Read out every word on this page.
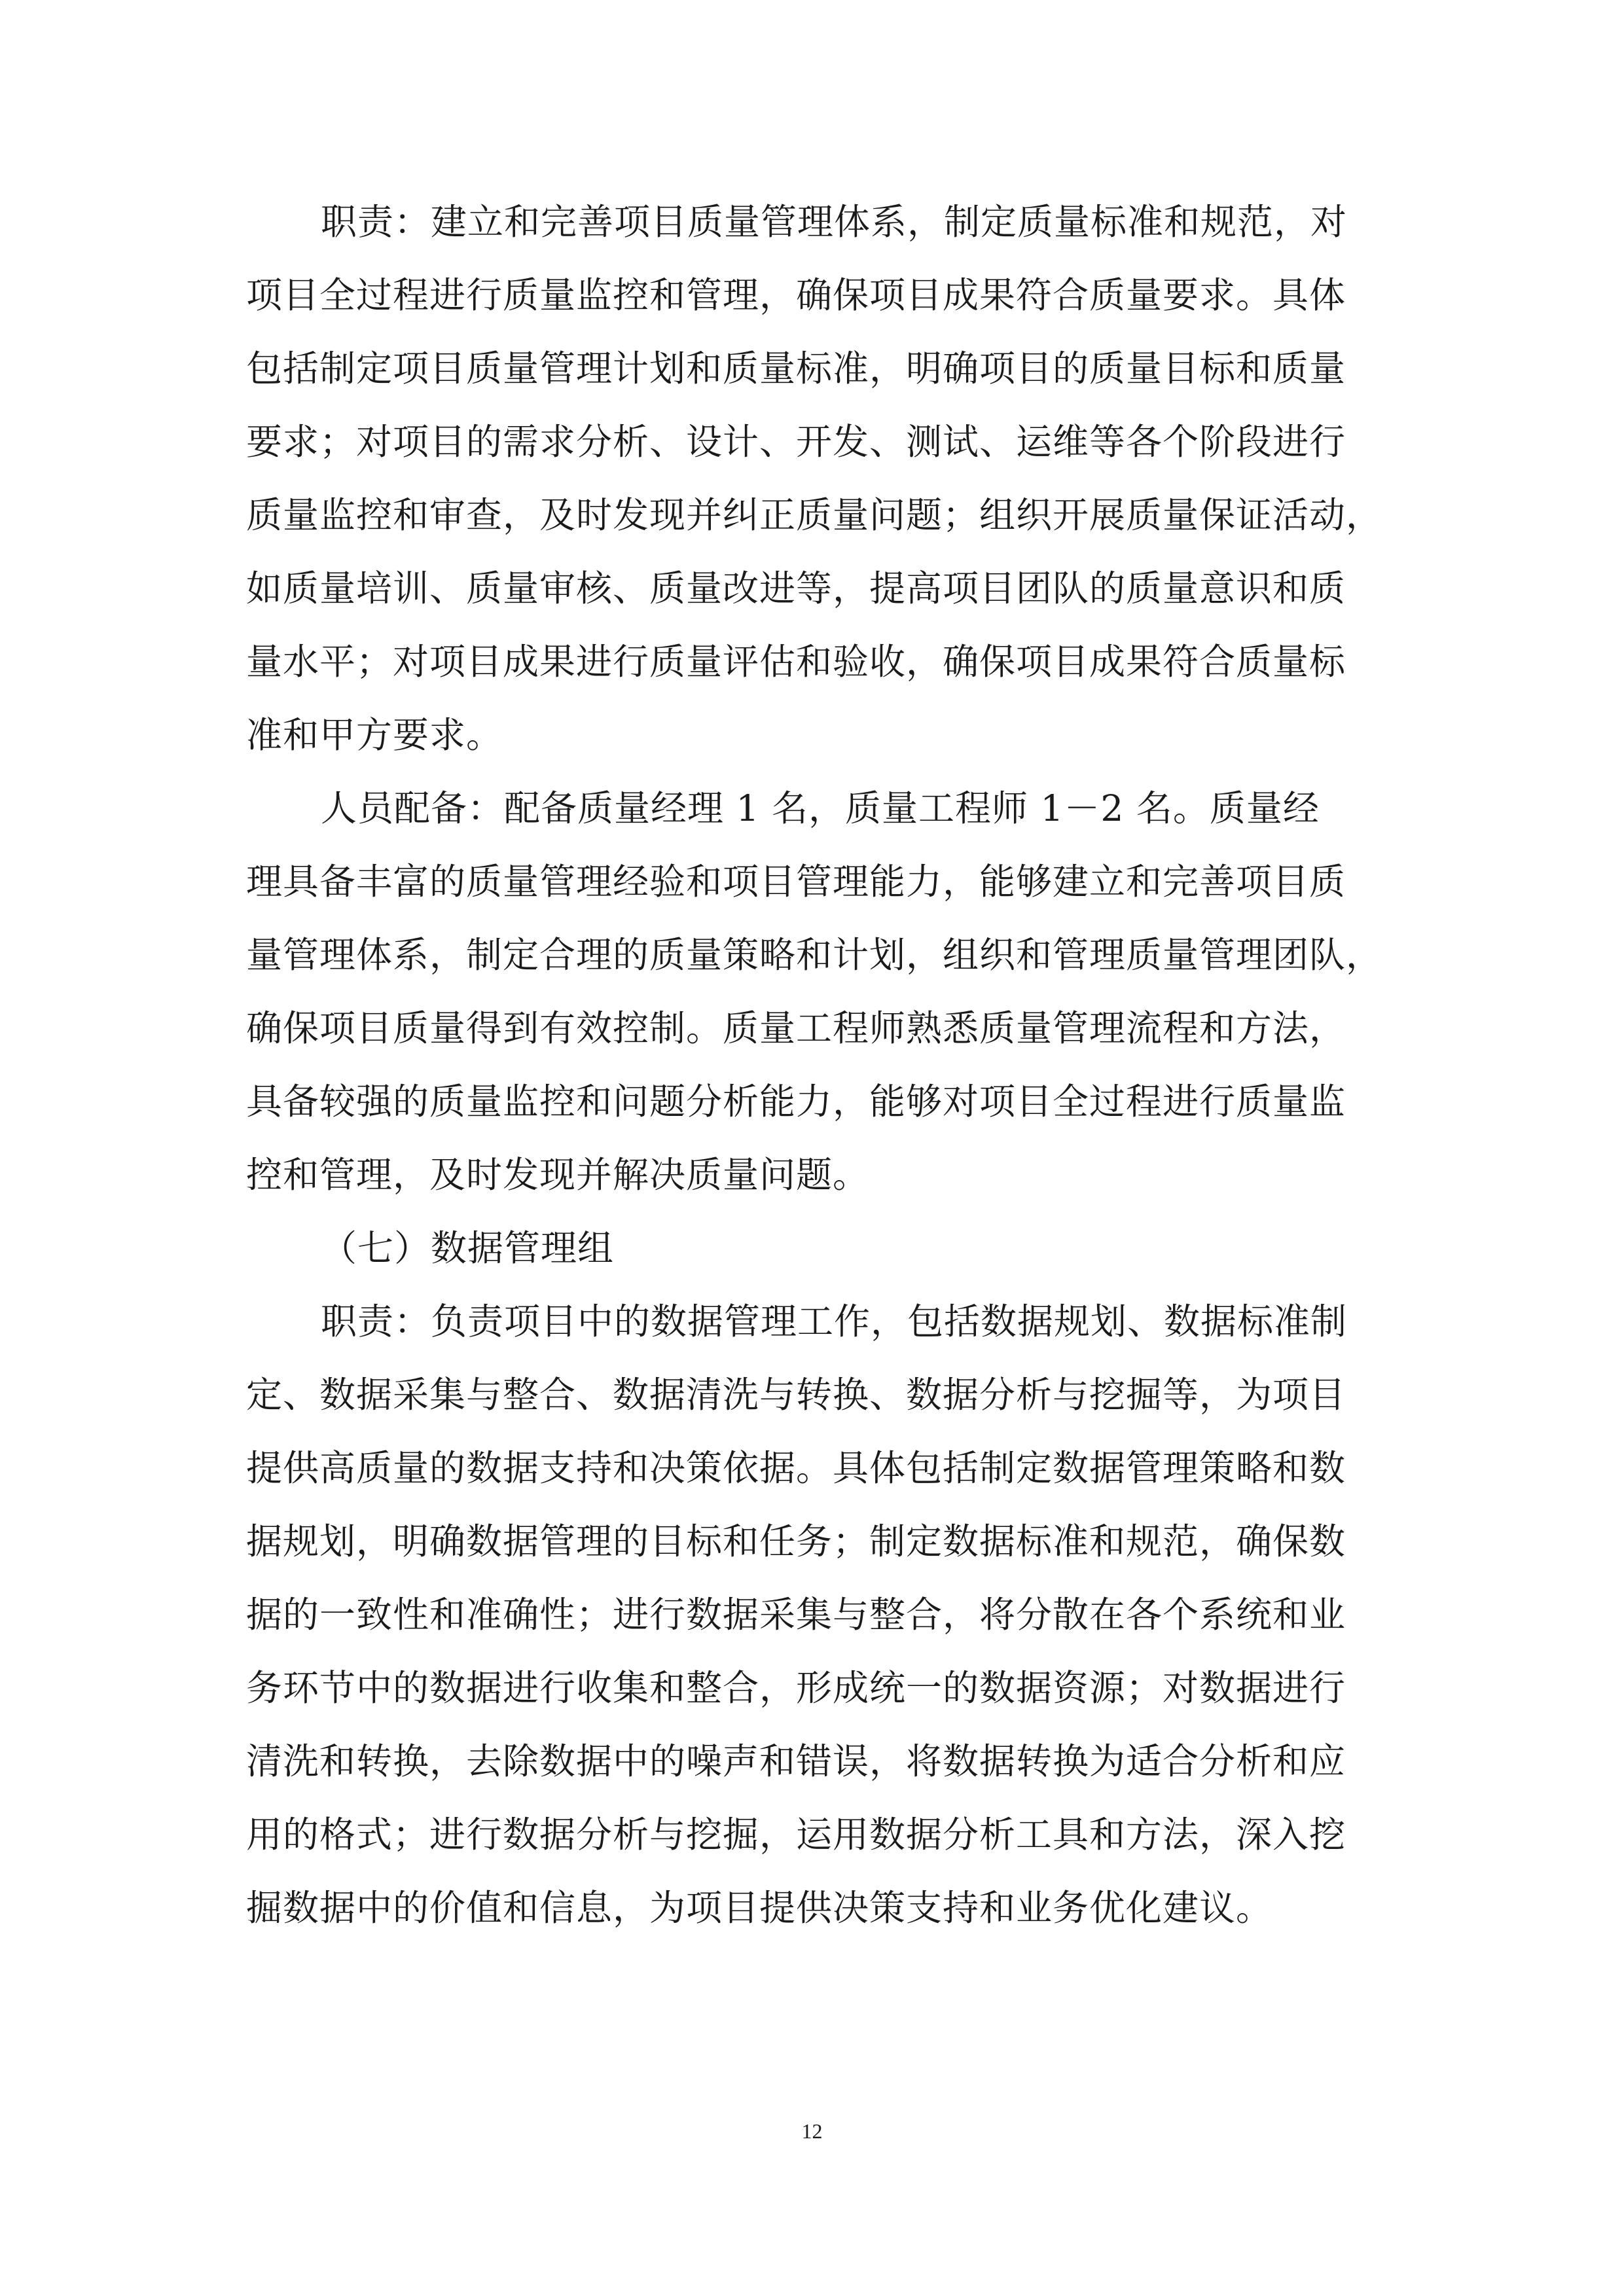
职责：建立和完善项目质量管理体系，制定质量标准和规范，对
项目全过程进行质量监控和管理，确保项目成果符合质量要求。具体
包括制定项目质量管理计划和质量标准，明确项目的质量目标和质量
要求；对项目的需求分析、设计、开发、测试、运维等各个阶段进行
质量监控和审查，及时发现并纠正质量问题；组织开展质量保证活动，
如质量培训、质量审核、质量改进等，提高项目团队的质量意识和质
量水平；对项目成果进行质量评估和验收，确保项目成果符合质量标
准和甲方要求。
人员配备：配备质量经理 1 名，质量工程师 1－2 名。质量经
理具备丰富的质量管理经验和项目管理能力，能够建立和完善项目质
量管理体系，制定合理的质量策略和计划，组织和管理质量管理团队，
确保项目质量得到有效控制。质量工程师熟悉质量管理流程和方法，
具备较强的质量监控和问题分析能力，能够对项目全过程进行质量监
控和管理，及时发现并解决质量问题。
（七）数据管理组
职责：负责项目中的数据管理工作，包括数据规划、数据标准制
定、数据采集与整合、数据清洗与转换、数据分析与挖掘等，为项目
提供高质量的数据支持和决策依据。具体包括制定数据管理策略和数
据规划，明确数据管理的目标和任务；制定数据标准和规范，确保数
据的一致性和准确性；进行数据采集与整合，将分散在各个系统和业
务环节中的数据进行收集和整合，形成统一的数据资源；对数据进行
清洗和转换，去除数据中的噪声和错误，将数据转换为适合分析和应
用的格式；进行数据分析与挖掘，运用数据分析工具和方法，深入挖
掘数据中的价值和信息，为项目提供决策支持和业务优化建议。
12
